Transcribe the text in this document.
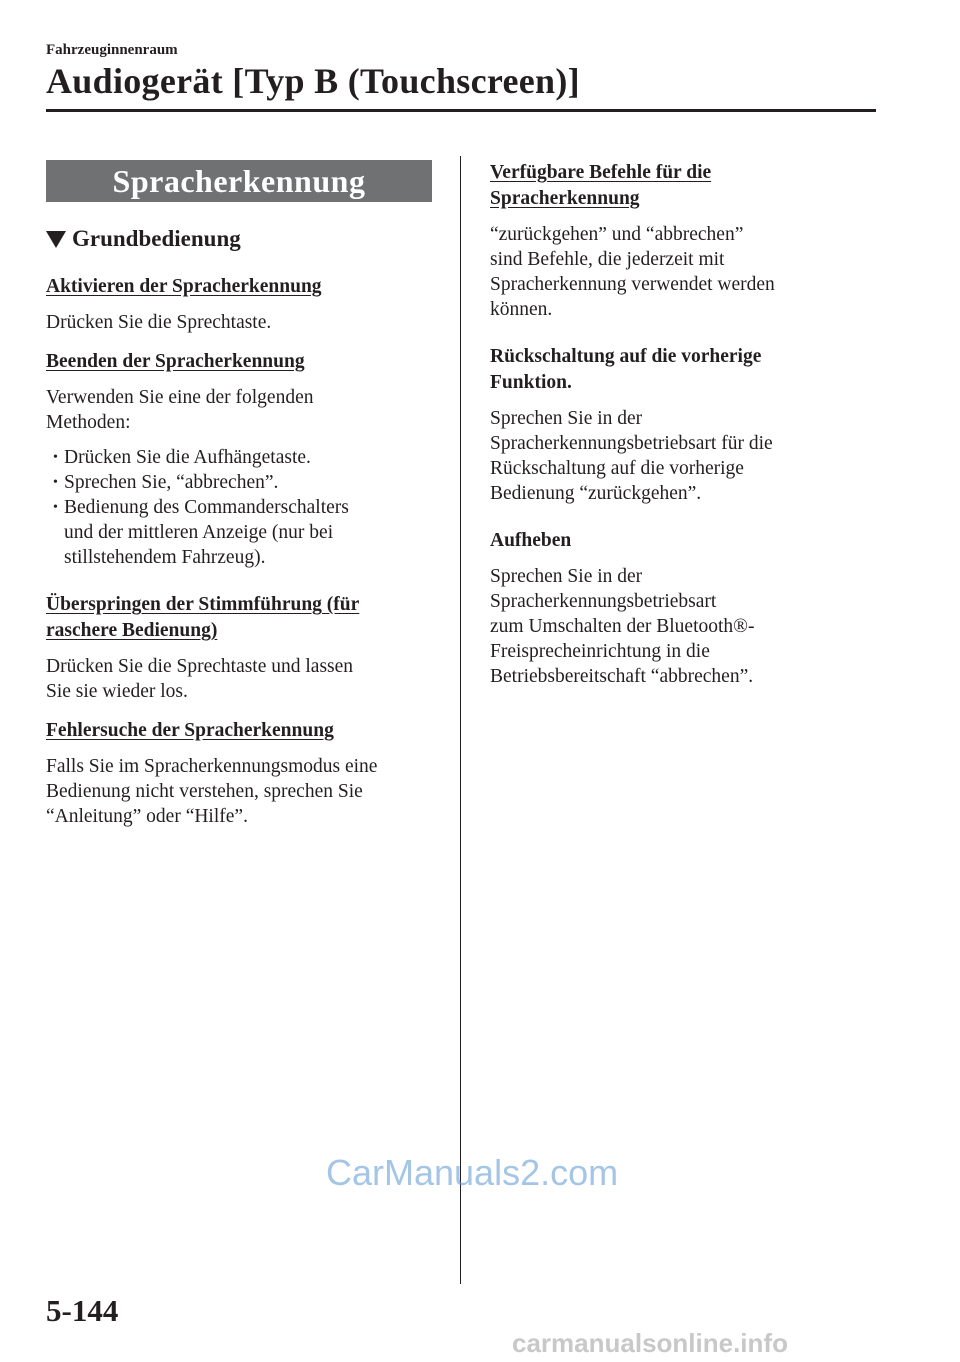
Fahrzeuginnenraum
Audiogerät [Typ B (Touchscreen)]
Spracherkennung
Grundbedienung
Aktivieren der Spracherkennung

Drücken Sie die Sprechtaste.

Beenden der Spracherkennung

Verwenden Sie eine der folgenden

Methoden:

• Drücken Sie die Aufhängetaste.
• Sprechen Sie, “abbrechen”.
• Bedienung des Commanderschalters
und der mittleren Anzeige (nur bei
stillstehendem Fahrzeug).
Überspringen der Stimmführung (für
raschere Bedienung)

Drücken Sie die Sprechtaste und lassen

Sie sie wieder los.

Fehlersuche der Spracherkennung

Falls Sie im Spracherkennungsmodus eine

Bedienung nicht verstehen, sprechen Sie

“Anleitung” oder “Hilfe”.

Verfügbare Befehle für die
Spracherkennung

“zurückgehen” und “abbrechen”

sind Befehle, die jederzeit mit

Spracherkennung verwendet werden

können.

Rückschaltung auf die vorherige
Funktion.

Sprechen Sie in der

Spracherkennungsbetriebsart für die

Rückschaltung auf die vorherige

Bedienung “zurückgehen”.

Aufheben

Sprechen Sie in der

Spracherkennungsbetriebsart

zum Umschalten der Bluetooth®-

Freisprecheinrichtung in die

Betriebsbereitschaft “abbrechen”.

CarManuals2.com
5-144
carmanualsonline.info
